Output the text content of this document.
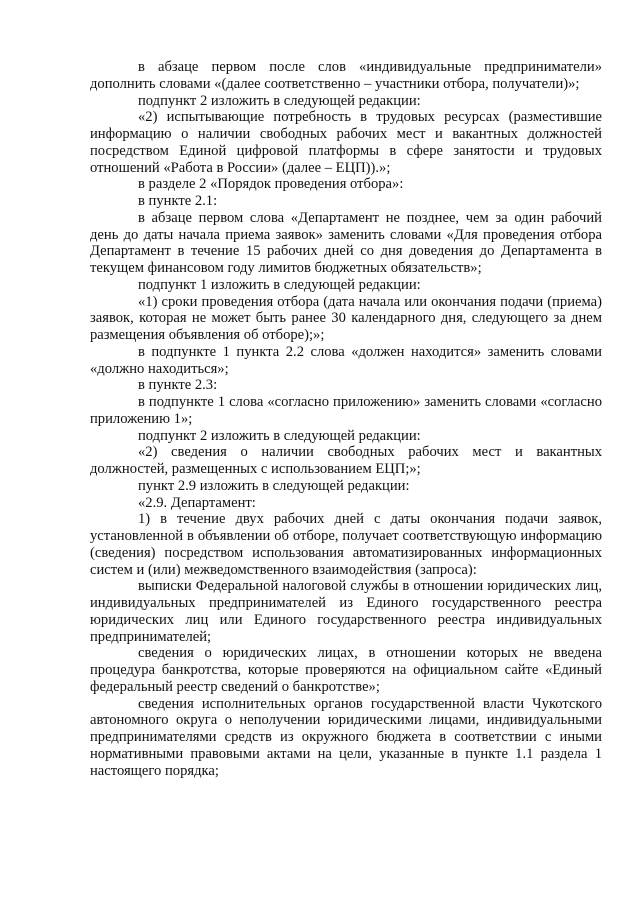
в абзаце первом после слов «индивидуальные предприниматели» дополнить словами «(далее соответственно – участники отбора, получатели)»;

подпункт 2 изложить в следующей редакции:

«2) испытывающие потребность в трудовых ресурсах (разместившие информацию о наличии свободных рабочих мест и вакантных должностей посредством Единой цифровой платформы в сфере занятости и трудовых отношений «Работа в России» (далее – ЕЦП)).»;

в разделе 2 «Порядок проведения отбора»:

в пункте 2.1:

в абзаце первом слова «Департамент не позднее, чем за один рабочий день до даты начала приема заявок» заменить словами «Для проведения отбора Департамент в течение 15 рабочих дней со дня доведения до Департамента в текущем финансовом году лимитов бюджетных обязательств»;

подпункт 1 изложить в следующей редакции:

«1) сроки проведения отбора (дата начала или окончания подачи (приема) заявок, которая не может быть ранее 30 календарного дня, следующего за днем размещения объявления об отборе);»;

в подпункте 1 пункта 2.2 слова «должен находится» заменить словами «должно находиться»;

в пункте 2.3:

в подпункте 1 слова «согласно приложению» заменить словами «согласно приложению 1»;

подпункт 2 изложить в следующей редакции:

«2) сведения о наличии свободных рабочих мест и вакантных должностей, размещенных с использованием ЕЦП;»;

пункт 2.9 изложить в следующей редакции:

«2.9. Департамент:

1) в течение двух рабочих дней с даты окончания подачи заявок, установленной в объявлении об отборе, получает соответствующую информацию (сведения) посредством использования автоматизированных информационных систем и (или) межведомственного взаимодействия (запроса):

выписки Федеральной налоговой службы в отношении юридических лиц, индивидуальных предпринимателей из Единого государственного реестра юридических лиц или Единого государственного реестра индивидуальных предпринимателей;

сведения о юридических лицах, в отношении которых не введена процедура банкротства, которые проверяются на официальном сайте «Единый федеральный реестр сведений о банкротстве»;

сведения исполнительных органов государственной власти Чукотского автономного округа о неполучении юридическими лицами, индивидуальными предпринимателями средств из окружного бюджета в соответствии с иными нормативными правовыми актами на цели, указанные в пункте 1.1 раздела 1 настоящего порядка;
